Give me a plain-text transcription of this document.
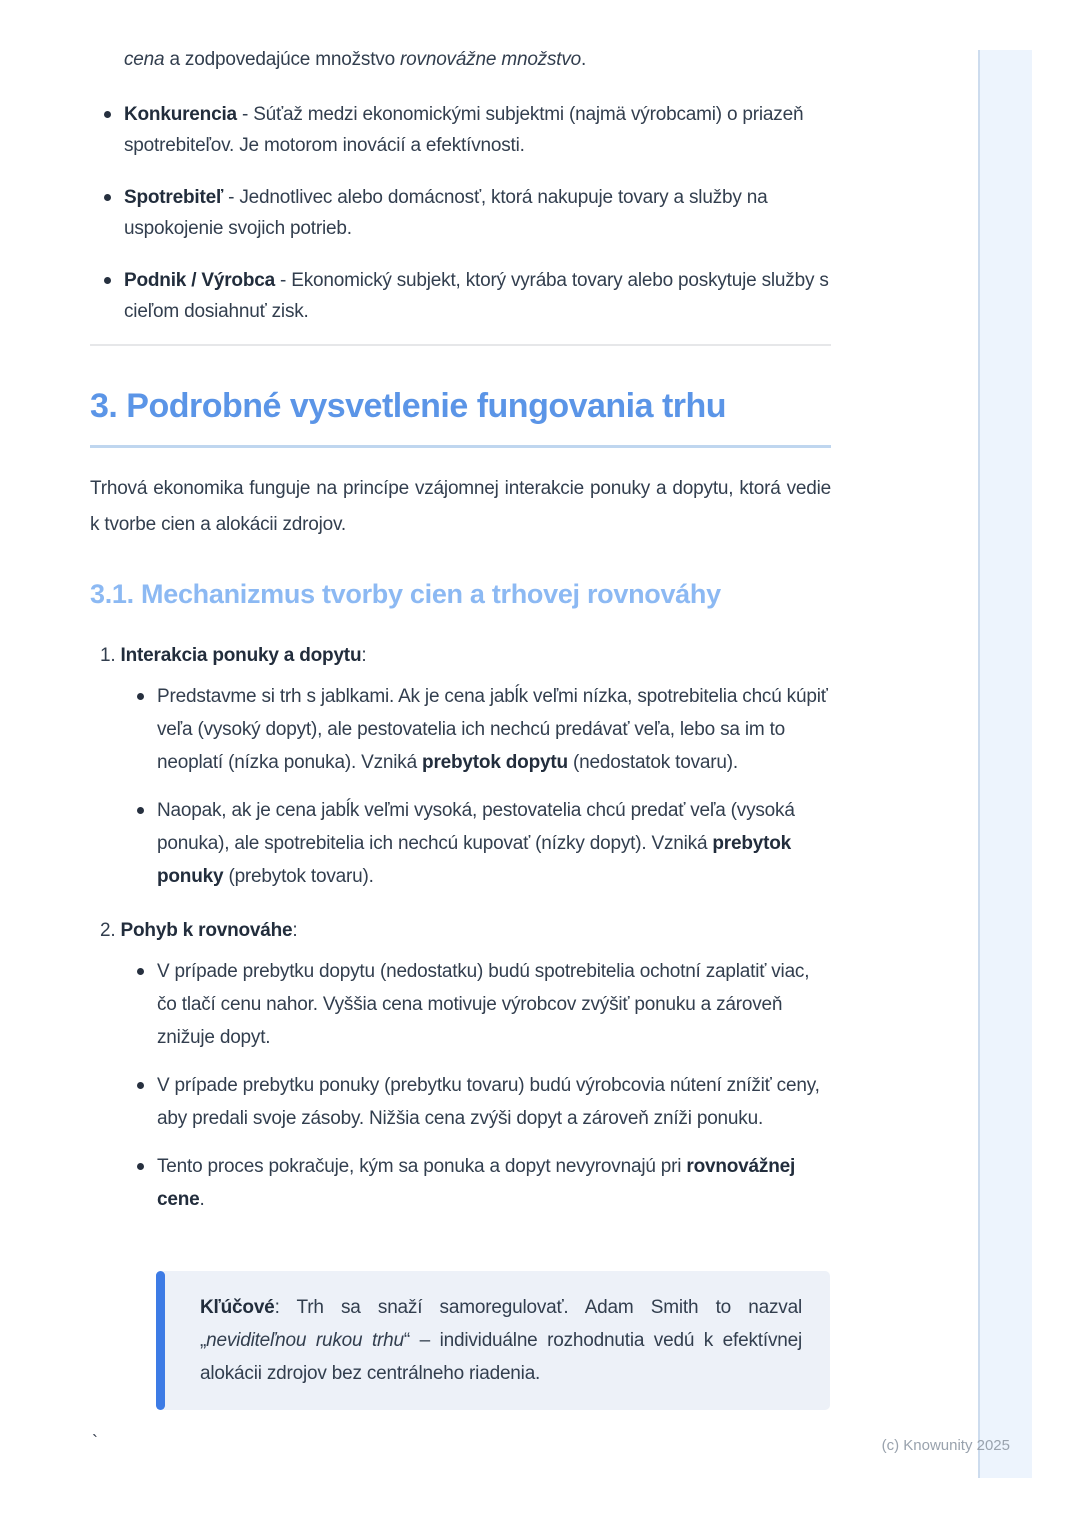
cena a zodpovedajúce množstvo rovnovážne množstvo.

Konkurencia - Súťaž medzi ekonomickými subjektmi (najmä výrobcami) o priazeň spotrebiteľov. Je motorom inovácií a efektívnosti.
Spotrebiteľ - Jednotlivec alebo domácnosť, ktorá nakupuje tovary a služby na uspokojenie svojich potrieb.
Podnik / Výrobca - Ekonomický subjekt, ktorý vyrába tovary alebo poskytuje služby s cieľom dosiahnuť zisk.
3. Podrobné vysvetlenie fungovania trhu

Trhová ekonomika funguje na princípe vzájomnej interakcie ponuky a dopytu, ktorá vedie k tvorbe cien a alokácii zdrojov.

3.1. Mechanizmus tvorby cien a trhovej rovnováhy
1. Interakcia ponuky a dopytu:
Predstavme si trh s jablkami. Ak je cena jabĺk veľmi nízka, spotrebitelia chcú kúpiť veľa (vysoký dopyt), ale pestovatelia ich nechcú predávať veľa, lebo sa im to neoplatí (nízka ponuka). Vzniká prebytok dopytu (nedostatok tovaru).
Naopak, ak je cena jabĺk veľmi vysoká, pestovatelia chcú predať veľa (vysoká ponuka), ale spotrebitelia ich nechcú kupovať (nízky dopyt). Vzniká prebytok ponuky (prebytok tovaru).
2. Pohyb k rovnováhe:
V prípade prebytku dopytu (nedostatku) budú spotrebitelia ochotní zaplatiť viac, čo tlačí cenu nahor. Vyššia cena motivuje výrobcov zvýšiť ponuku a zároveň znižuje dopyt.
V prípade prebytku ponuky (prebytku tovaru) budú výrobcovia nútení znížiť ceny, aby predali svoje zásoby. Nižšia cena zvýši dopyt a zároveň zníži ponuku.
Tento proces pokračuje, kým sa ponuka a dopyt nevyrovnajú pri rovnovážnej cene.
Kľúčové: Trh sa snaží samoregulovať. Adam Smith to nazval „neviditeľnou rukou trhu“ – individuálne rozhodnutia vedú k efektívnej alokácii zdrojov bez centrálneho riadenia.
`	(c) Knowunity 2025
